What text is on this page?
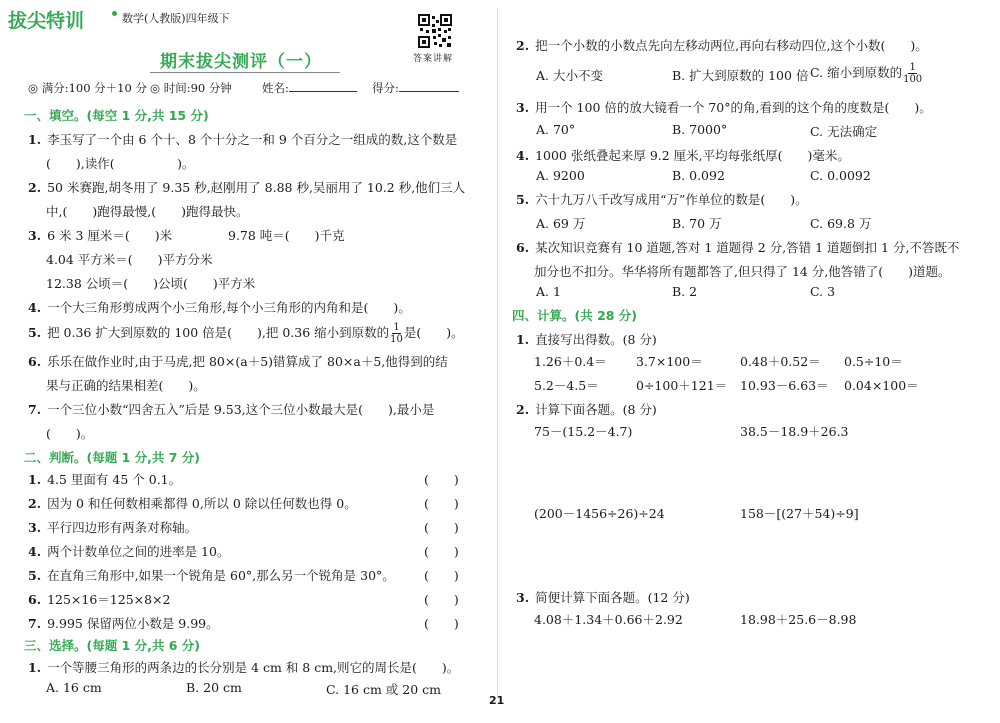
拔尖特训	数学(人教版)四年级下
答案讲解
期末拔尖测评（一）
◎ 满分:100 分＋10 分 ◎ 时间:90 分钟	姓名:	得分:
一、填空。(每空 1 分,共 15 分)
1. 李玉写了一个由 6 个十、8 个十分之一和 9 个百分之一组成的数,这个数是
(　　),读作(　　　　　)。
2. 50 米赛跑,胡冬用了 9.35 秒,赵刚用了 8.88 秒,吴丽用了 10.2 秒,他们三人
中,(　　)跑得最慢,(　　)跑得最快。
3. 6 米 3 厘米＝(　　)米	9.78 吨＝(　　)千克
4.04 平方米＝(　　)平方分米
12.38 公顷＝(　　)公顷(　　)平方米
4. 一个大三角形剪成两个小三角形,每个小三角形的内角和是(　　)。
5. 把 0.36 扩大到原数的 100 倍是(　　),把 0.36 缩小到原数的 $\frac{1}{10}$ 是(　　)。
6. 乐乐在做作业时,由于马虎,把 80×(a＋5)错算成了 80×a＋5,他得到的结
果与正确的结果相差(　　)。
7. 一个三位小数“四舍五入”后是 9.53,这个三位小数最大是(　　),最小是
(　　)。
二、判断。(每题 1 分,共 7 分)
1. 4.5 里面有 45 个 0.1。	(　　)
2. 因为 0 和任何数相乘都得 0,所以 0 除以任何数也得 0。	(　　)
3. 平行四边形有两条对称轴。	(　　)
4. 两个计数单位之间的进率是 10。	(　　)
5. 在直角三角形中,如果一个锐角是 60°,那么另一个锐角是 30°。 (　　)
6. 125×16＝125×8×2	(　　)
7. 9.995 保留两位小数是 9.99。	(　　)
三、选择。(每题 1 分,共 6 分)
1. 一个等腰三角形的两条边的长分别是 4 cm 和 8 cm,则它的周长是(　　)。
A. 16 cm	B. 20 cm	C. 16 cm 或 20 cm
2. 把一个小数的小数点先向左移动两位,再向右移动四位,这个小数(　　)。
A. 大小不变	B. 扩大到原数的 100 倍 C. 缩小到原数的 $\frac{1}{100}$
3. 用一个 100 倍的放大镜看一个 70°的角,看到的这个角的度数是(　　)。
A. 70°	B. 7000°	C. 无法确定
4. 1000 张纸叠起来厚 9.2 厘米,平均每张纸厚(　　)毫米。
A. 9200	B. 0.092	C. 0.0092
5. 六十九万八千改写成用“万”作单位的数是(　　)。
A. 69 万	B. 70 万	C. 69.8 万
6. 某次知识竞赛有 10 道题,答对 1 道题得 2 分,答错 1 道题倒扣 1 分,不答既不
加分也不扣分。华华将所有题都答了,但只得了 14 分,他答错了(　　)道题。
A. 1	B. 2	C. 3
四、计算。(共 28 分)
1. 直接写出得数。(8 分)
1.26＋0.4＝ 3.7×100＝	0.48＋0.52＝ 0.5÷10＝
5.2－4.5＝	0÷100＋121＝ 10.93－6.63＝ 0.04×100＝
2. 计算下面各题。(8 分)
75－(15.2－4.7)	38.5－18.9＋26.3
(200－1456÷26)÷24	158－[(27＋54)÷9]
3. 简便计算下面各题。(12 分)
4.08＋1.34＋0.66＋2.92	18.98＋25.6－8.98
21
